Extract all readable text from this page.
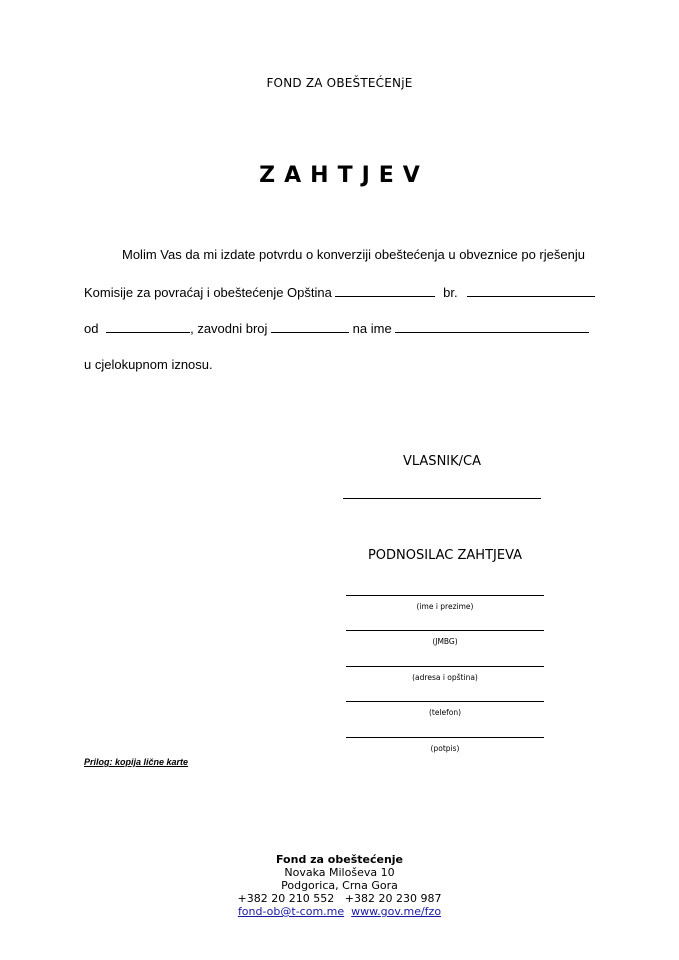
FOND ZA OBEŠTEĆENjE
ZAHTJEV
Molim Vas da mi izdate potvrdu o konverziji obeštećenja u obveznice po rješenju
Komisije za povraćaj i obeštećenje Opština	br.
od	, zavodni broj	na ime
u cjelokupnom iznosu.
VLASNIK/CA
PODNOSILAC ZAHTJEVA
(ime i prezime)
(JMBG)
(adresa i opština)
(telefon)
(potpis)
Prilog: kopija lične karte
Fond za obeštećenje
Novaka Miloševa 10
Podgorica, Crna Gora
+382 20 210 552 +382 20 230 987
fond-ob@t-com.me www.gov.me/fzo
